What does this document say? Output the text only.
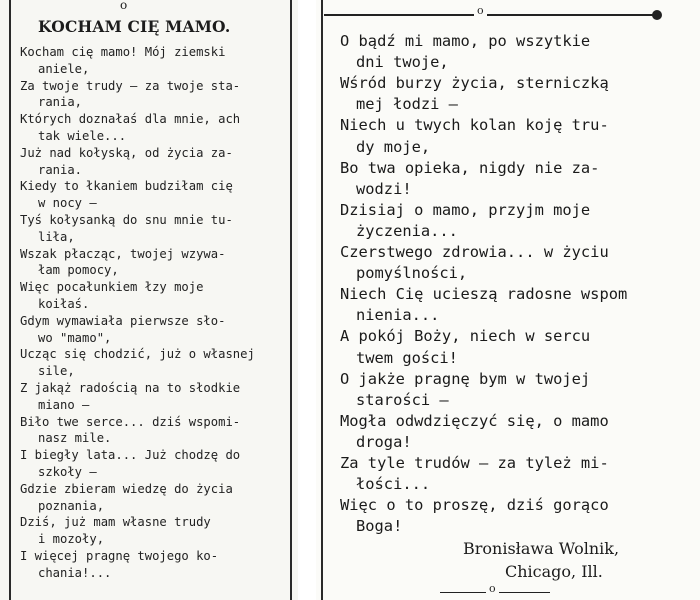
o
KOCHAM CIĘ MAMO.
Kocham cię mamo! Mój ziemski
aniele,
Za twoje trudy — za twoje sta-
rania,
Których doznałaś dla mnie, ach
tak wiele...
Już nad kołyską, od życia za-
rania.
Kiedy to łkaniem budziłam cię
w nocy —
Tyś kołysanką do snu mnie tu-
liła,
Wszak płacząc, twojej wzywa-
łam pomocy,
Więc pocałunkiem łzy moje
koiłaś.
Gdym wymawiała pierwsze sło-
wo "mamo",
Ucząc się chodzić, już o własnej
sile,
Z jakąż radością na to słodkie
miano —
Biło twe serce... dziś wspomi-
nasz mile.
I biegły lata... Już chodzę do
szkoły —
Gdzie zbieram wiedzę do życia
poznania,
Dziś, już mam własne trudy
i mozoły,
I więcej pragnę twojego ko-
chania!...
o
O bądź mi mamo, po wszytkie
dni twoje,
Wśród burzy życia, sterniczką
mej łodzi —
Niech u twych kolan koję tru-
dy moje,
Bo twa opieka, nigdy nie za-
wodzi!
Dzisiaj o mamo, przyjm moje
życzenia...
Czerstwego zdrowia... w życiu
pomyślności,
Niech Cię ucieszą radosne wspom
nienia...
A pokój Boży, niech w sercu
twem gości!
O jakże pragnę bym w twojej
starości —
Mogła odwdzięczyć się, o mamo
droga!
Za tyle trudów — za tyleż mi-
łości...
Więc o to proszę, dziś gorąco
Boga!
Bronisława Wolnik,
Chicago, Ill.
o
